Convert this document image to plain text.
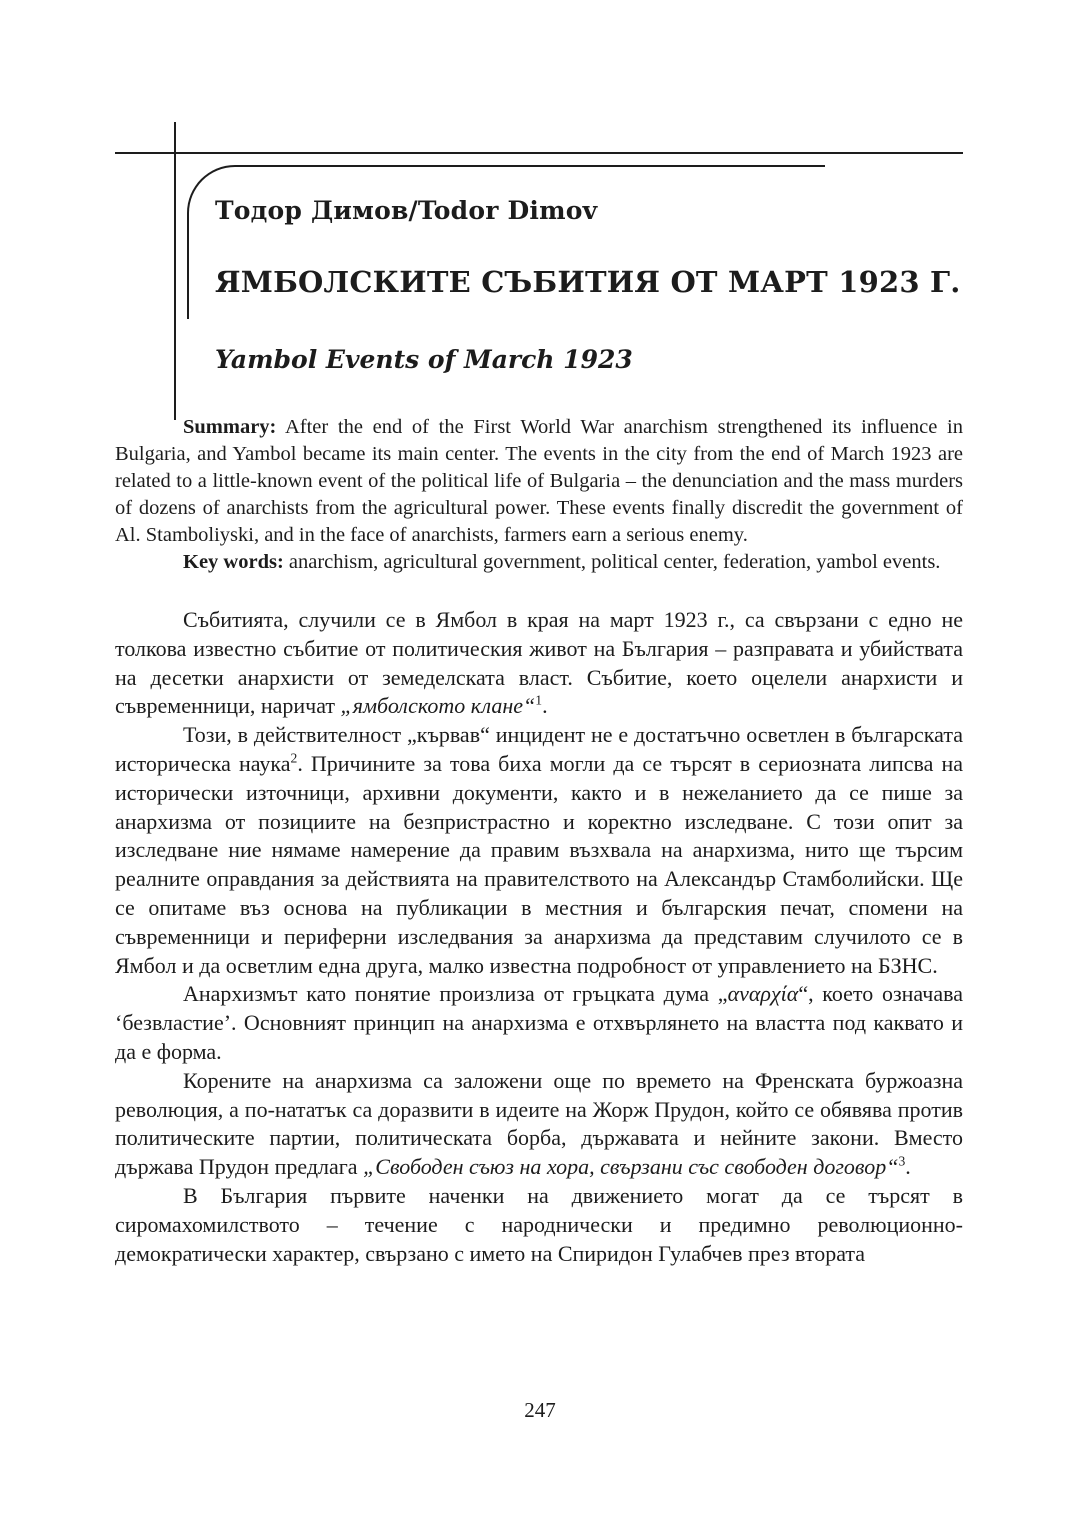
Тодор Димов/Todor Dimov
ЯМБОЛСКИТЕ СЪБИТИЯ ОТ МАРТ 1923 Г.
Yambol Events of March 1923

Summary: After the end of the First World War anarchism strengthened its influence in Bulgaria, and Yambol became its main center. The events in the city from the end of March 1923 are related to a little-known event of the political life of Bulgaria – the denunciation and the mass murders of dozens of anarchists from the agricultural power. These events finally discredit the government of Al. Stamboliyski, and in the face of anarchists, farmers earn a serious enemy.

Key words: anarchism, agricultural government, political center, federation, yambol events.

Събитията, случили се в Ямбол в края на март 1923 г., са свързани с едно не толкова известно събитие от политическия живот на България – разправата и убийствата на десетки анархисти от земеделската власт. Събитие, което оцелели анархисти и съвременници, наричат „ямболското клане“$^1$.

Този, в действителност „кървав“ инцидент не е достатъчно осветлен в българската историческа наука$^2$. Причините за това биха могли да се търсят в сериозната липсва на исторически източници, архивни документи, както и в нежеланието да се пише за анархизма от позициите на безпристрастно и коректно изследване. С този опит за изследване ние нямаме намерение да правим възхвала на анархизма, нито ще търсим реалните оправдания за действията на правителството на Александър Стамболийски. Ще се опитаме въз основа на публикации в местния и българския печат, спомени на съвременници и периферни изследвания за анархизма да представим случилото се в Ямбол и да осветлим една друга, малко известна подробност от управлението на БЗНС.

Анархизмът като понятие произлиза от гръцката дума „αναρχία“, което означава ‘безвластие’. Основният принцип на анархизма е отхвърлянето на властта под каквато и да е форма.

Корените на анархизма са заложени още по времето на Френската буржоазна революция, а по-нататък са доразвити в идеите на Жорж Прудон, който се обявява против политическите партии, политическата борба, държавата и нейните закони. Вместо държава Прудон предлага „Свободен съюз на хора, свързани със свободен договор“$^3$.

В България първите наченки на движението могат да се търсят в сиромахомилството – течение с народнически и предимно революционно-демократически характер, свързано с името на Спиридон Гулабчев през втората

247
